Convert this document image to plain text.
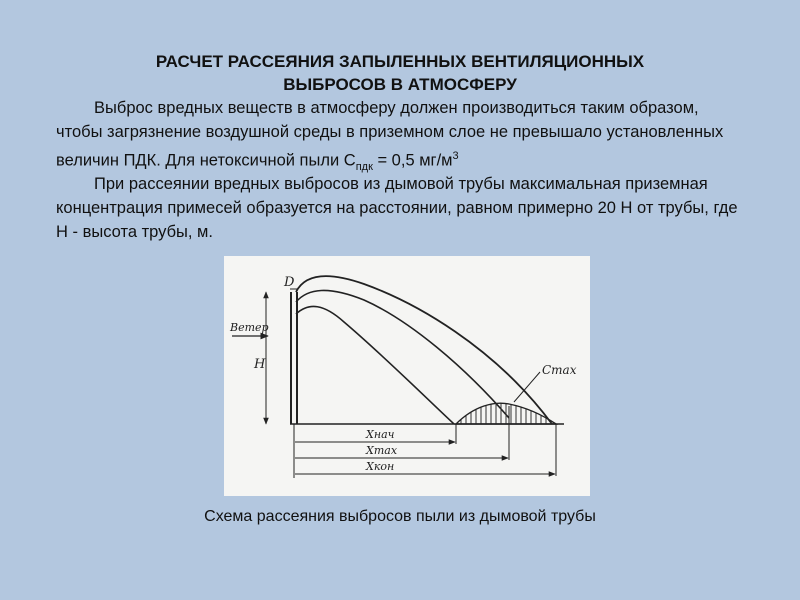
РАСЧЕТ РАССЕЯНИЯ ЗАПЫЛЕННЫХ ВЕНТИЛЯЦИОННЫХ
ВЫБРОСОВ В АТМОСФЕРУ
Выброс вредных веществ в атмосферу должен производиться таким образом, чтобы загрязнение воздушной среды в приземном слое не превышало установленных величин ПДК. Для нетоксичной пыли $С_{пдк} = 0,5$ $мг/м^3$
При рассеянии вредных выбросов из дымовой трубы максимальная приземная концентрация примесей образуется на расстоянии, равном примерно 20 Н от трубы, где Н - высота трубы, м.
D
Ветер
H	Cmax
Xнач
Xmax
Xкон
Схема рассеяния выбросов пыли из дымовой трубы
